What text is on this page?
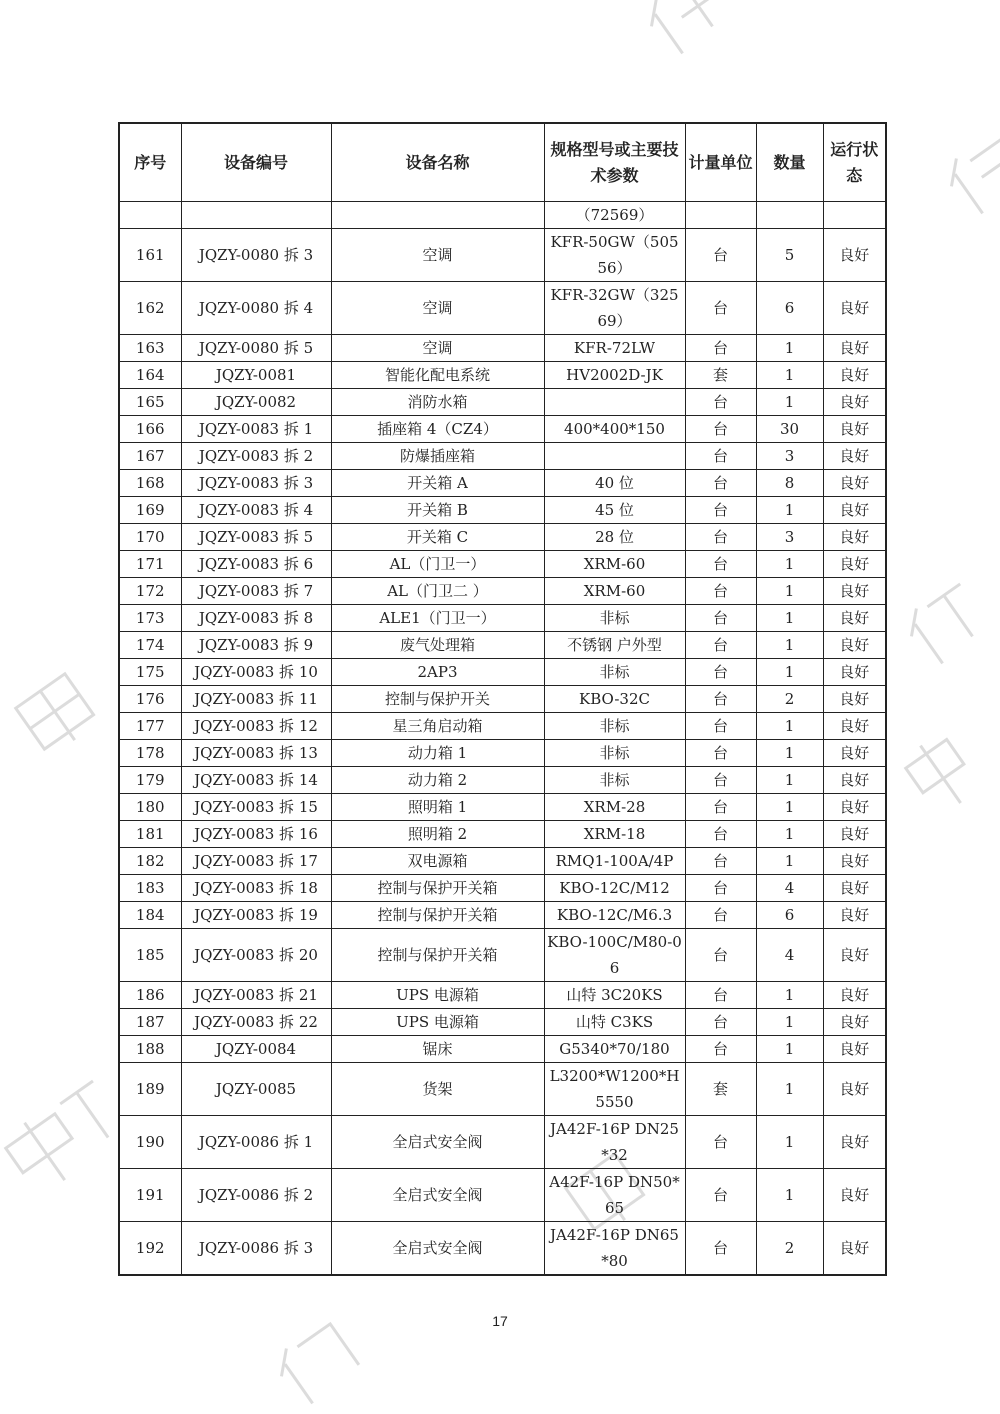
序号	设备编号	设备名称	规格型号或主要技术参数	计量单位	数量	运行状态
			（72569）			
161	JQZY-0080 拆 3	空调	KFR-50GW（50556）	台	5	良好
162	JQZY-0080 拆 4	空调	KFR-32GW（32569）	台	6	良好
163	JQZY-0080 拆 5	空调	KFR-72LW	台	1	良好
164	JQZY-0081	智能化配电系统	HV2002D-JK	套	1	良好
165	JQZY-0082	消防水箱		台	1	良好
166	JQZY-0083 拆 1	插座箱 4（CZ4）	400*400*150	台	30	良好
167	JQZY-0083 拆 2	防爆插座箱		台	3	良好
168	JQZY-0083 拆 3	开关箱 A	40 位	台	8	良好
169	JQZY-0083 拆 4	开关箱 B	45 位	台	1	良好
170	JQZY-0083 拆 5	开关箱 C	28 位	台	3	良好
171	JQZY-0083 拆 6	AL（门卫一）	XRM-60	台	1	良好
172	JQZY-0083 拆 7	AL（门卫二 ）	XRM-60	台	1	良好
173	JQZY-0083 拆 8	ALE1（门卫一）	非标	台	1	良好
174	JQZY-0083 拆 9	废气处理箱	不锈钢 户外型	台	1	良好
175	JQZY-0083 拆 10	2AP3	非标	台	1	良好
176	JQZY-0083 拆 11	控制与保护开关	KBO-32C	台	2	良好
177	JQZY-0083 拆 12	星三角启动箱	非标	台	1	良好
178	JQZY-0083 拆 13	动力箱 1	非标	台	1	良好
179	JQZY-0083 拆 14	动力箱 2	非标	台	1	良好
180	JQZY-0083 拆 15	照明箱 1	XRM-28	台	1	良好
181	JQZY-0083 拆 16	照明箱 2	XRM-18	台	1	良好
182	JQZY-0083 拆 17	双电源箱	RMQ1-100A/4P	台	1	良好
183	JQZY-0083 拆 18	控制与保护开关箱	KBO-12C/M12	台	4	良好
184	JQZY-0083 拆 19	控制与保护开关箱	KBO-12C/M6.3	台	6	良好
185	JQZY-0083 拆 20	控制与保护开关箱	KBO-100C/M80-06	台	4	良好
186	JQZY-0083 拆 21	UPS 电源箱	山特 3C20KS	台	1	良好
187	JQZY-0083 拆 22	UPS 电源箱	山特 C3KS	台	1	良好
188	JQZY-0084	锯床	G5340*70/180	台	1	良好
189	JQZY-0085	货架	L3200*W1200*H5550	套	1	良好
190	JQZY-0086 拆 1	全启式安全阀	JA42F-16P DN25*32	台	1	良好
191	JQZY-0086 拆 2	全启式安全阀	A42F-16P DN50*65	台	1	良好
192	JQZY-0086 拆 3	全启式安全阀	JA42F-16P DN65*80	台	2	良好
17
